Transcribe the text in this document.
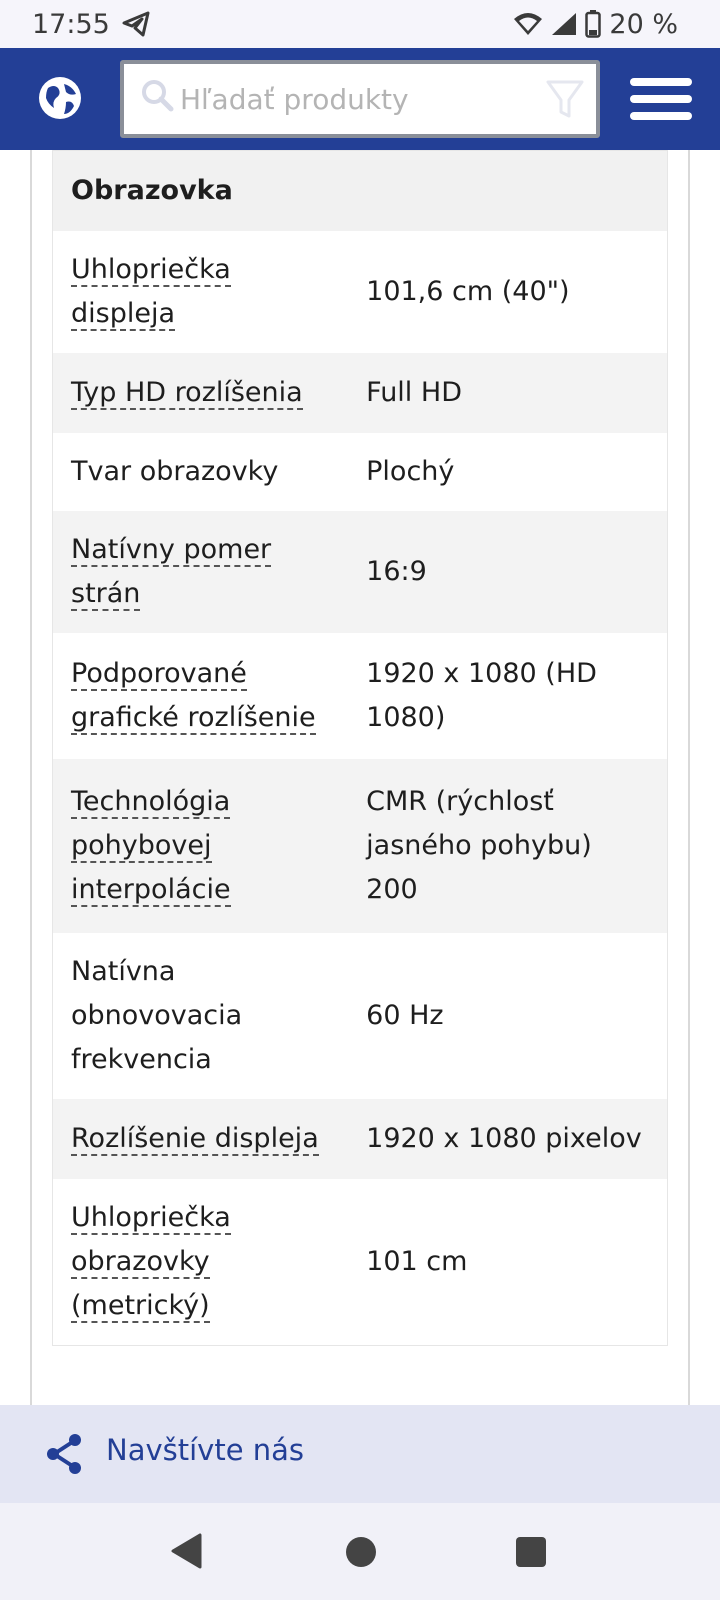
17:55	20 %
Hľadať produkty
Obrazovka	
Uhlopriečka displeja	101,6 cm (40")
Typ HD rozlíšenia	Full HD
Tvar obrazovky	Plochý
Natívny pomer strán	16:9
Podporované grafické rozlíšenie	1920 x 1080 (HD 1080)
Technológia pohybovej interpolácie	CMR (rýchlosť jasného pohybu) 200
Natívna obnovovacia frekvencia	60 Hz
Rozlíšenie displeja	1920 x 1080 pixelov
Uhlopriečka obrazovky (metrický)	101 cm
Navštívte nás
